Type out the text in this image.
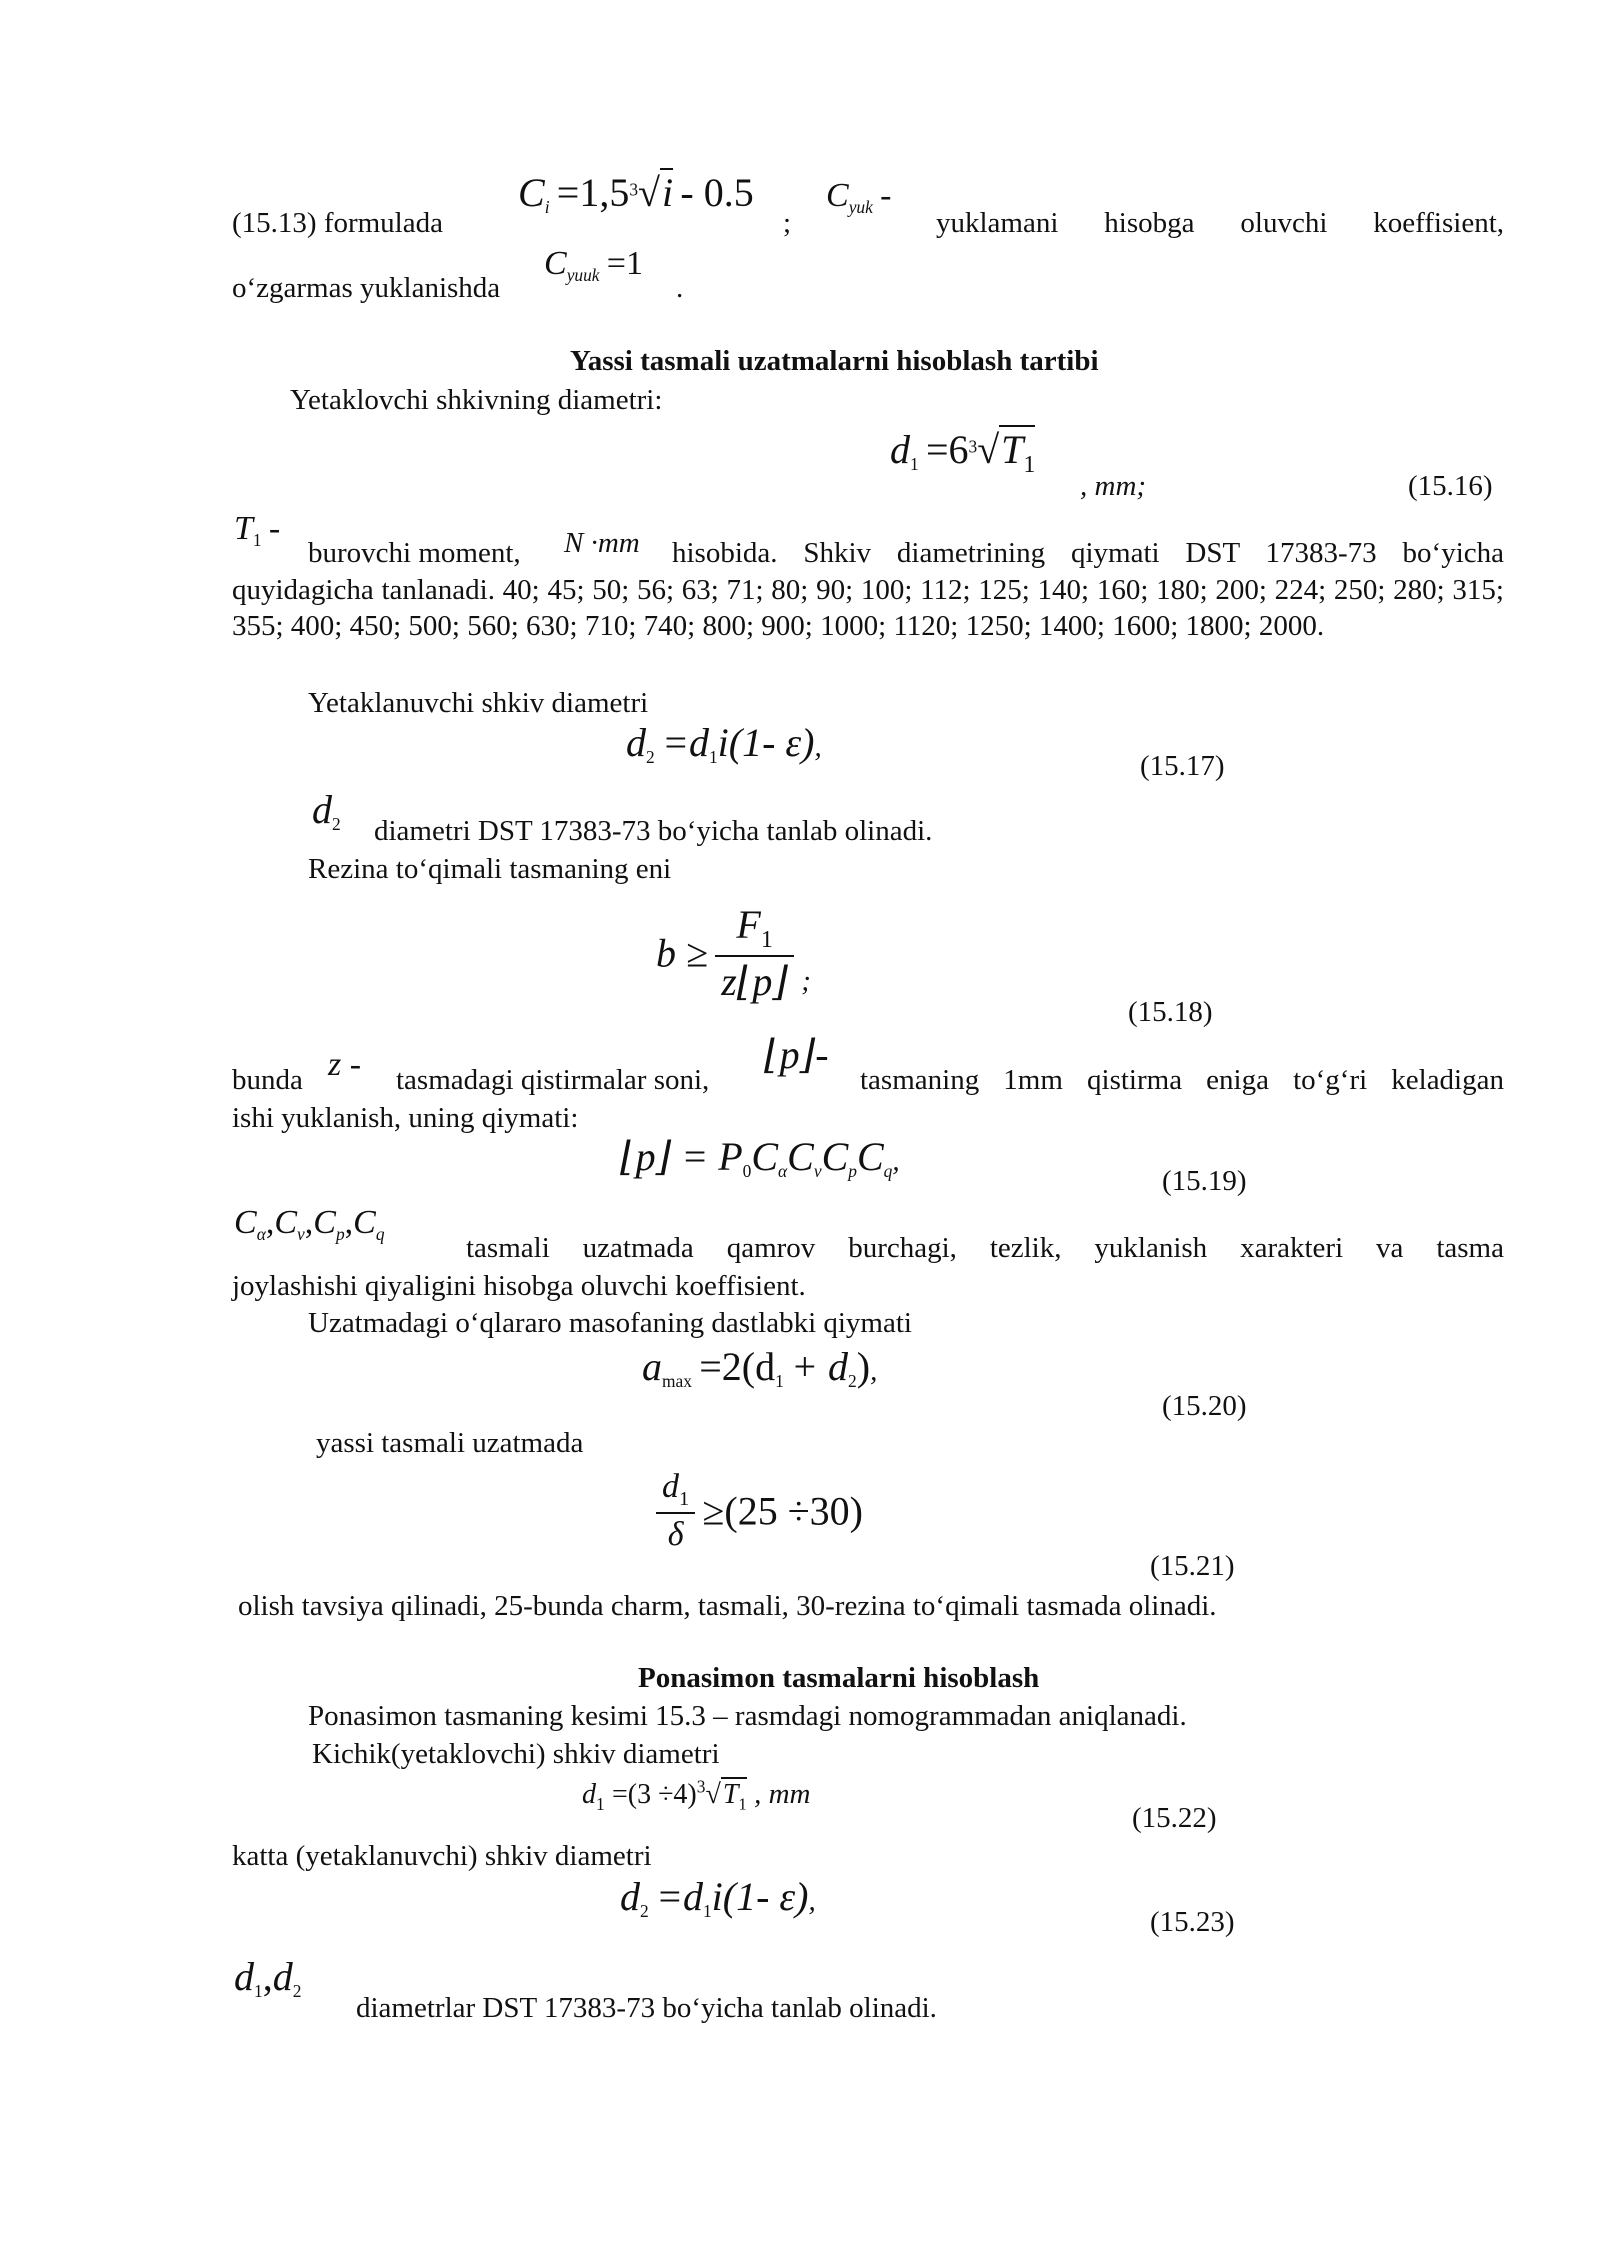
(15.13) formulada
$C_i =1,5^3√i - 0.5$
;
$C_{yuk}$ -
yuklamani hisobga oluvchi koeffisient,
o‘zgarmas yuklanishda
$C_{yuuk} =1$
.
Yassi tasmali uzatmalarni hisoblash tartibi
Yetaklovchi shkivning diametri:
$d_1 =6^3√T_1$
, mm;	(15.16)
$T_1$ -
burovchi moment, N ·mm hisobida. Shkiv diametrining qiymati DST 17383-73 bo‘yicha
quyidagicha tanlanadi. 40; 45; 50; 56; 63; 71; 80; 90; 100; 112; 125; 140; 160; 180; 200; 224; 250; 280; 315; 355; 400; 450; 500; 560; 630; 710; 740; 800; 900; 1000; 1120; 1250; 1400; 1600; 1800; 2000.
Yetaklanuvchi shkiv diametri
$d_2 =d_1i(1-$ ε),
(15.17)
$d_2$ diametri DST 17383-73 bo‘yicha tanlab olinadi.
Rezina to‘qimali tasmaning eni
$b \ge \frac{F_1}{z⌊p⌋}$ ;
(15.18)
bunda z - tasmadagi qistirmalar soni,
⌊p⌋-
tasmaning 1mm qistirma eniga to‘g‘ri keladigan
ishi yuklanish, uning qiymati:
⌊p⌋ = $P_0C_\alpha C_vC_pC_q$,
(15.19)
$C_\alpha,C_v,C_p,C_q$	tasmali uzatmada qamrov burchagi, tezlik, yuklanish xarakteri va tasma
joylashishi qiyaligini hisobga oluvchi koeffisient.
Uzatmadagi o‘qlararo masofaning dastlabki qiymati
$a_{max} =2(d_1 + d_2)$,
(15.20)
yassi tasmali uzatmada
$\frac{d_1}{\delta} \ge(25 \div 30)$
(15.21)
olish tavsiya qilinadi, 25-bunda charm, tasmali, 30-rezina to‘qimali tasmada olinadi.
Ponasimon tasmalarni hisoblash
Ponasimon tasmaning kesimi 15.3 – rasmdagi nomogrammadan aniqlanadi.
Kichik(yetaklovchi) shkiv diametri
$d_1 =(3 \div 4)^3√T_1$ , mm
(15.22)
katta (yetaklanuvchi) shkiv diametri
$d_2 =d_1i(1-$ ε),
(15.23)
$d_1,d_2$
diametrlar DST 17383-73 bo‘yicha tanlab olinadi.
